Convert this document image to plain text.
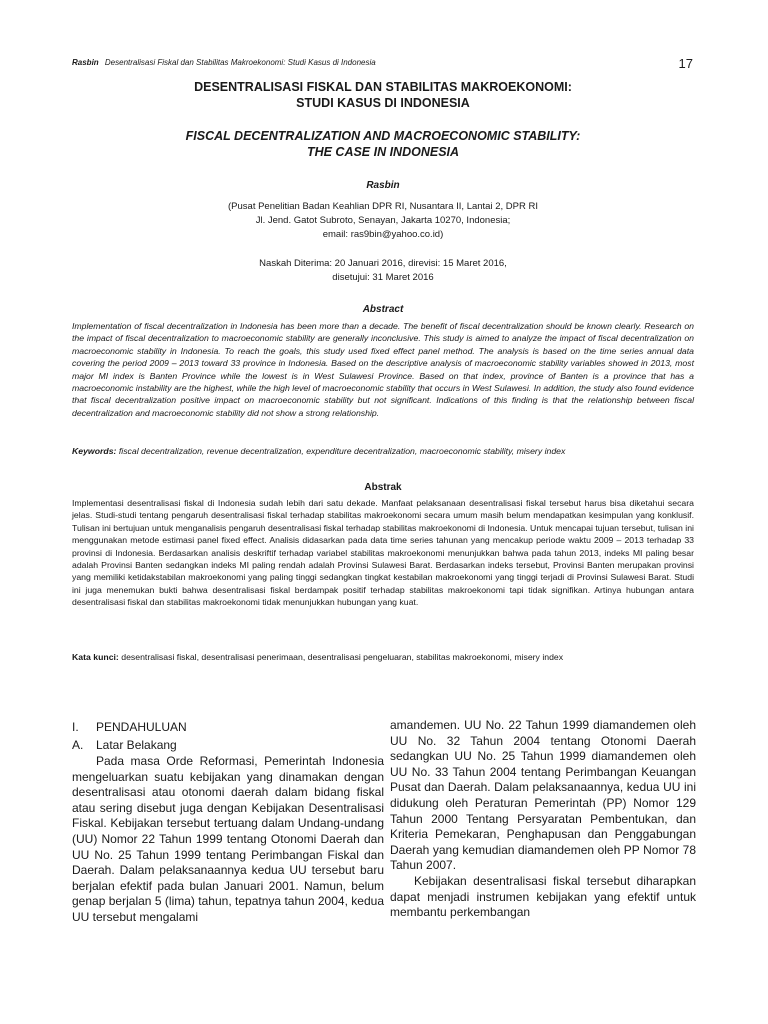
Rasbin Desentralisasi Fiskal dan Stabilitas Makroekonomi: Studi Kasus di Indonesia	17
DESENTRALISASI FISKAL DAN STABILITAS MAKROEKONOMI:
STUDI KASUS DI INDONESIA
FISCAL DECENTRALIZATION AND MACROECONOMIC STABILITY:
THE CASE IN INDONESIA
Rasbin
(Pusat Penelitian Badan Keahlian DPR RI, Nusantara II, Lantai 2, DPR RI
Jl. Jend. Gatot Subroto, Senayan, Jakarta 10270, Indonesia;
email: ras9bin@yahoo.co.id)
Naskah Diterima: 20 Januari 2016, direvisi: 15 Maret 2016,
disetujui: 31 Maret 2016
Abstract
Implementation of fiscal decentralization in Indonesia has been more than a decade. The benefit of fiscal decentralization should be known clearly. Research on the impact of fiscal decentralization to macroeconomic stability are generally inconclusive. This study is aimed to analyze the impact of fiscal decentralization on macroeconomic stability in Indonesia. To reach the goals, this study used fixed effect panel method. The analysis is based on the time series annual data covering the period 2009 – 2013 toward 33 province in Indonesia. Based on the descriptive analysis of macroeconomic stability variables showed in 2013, most major MI index is Banten Province while the lowest is in West Sulawesi Province. Based on that index, province of Banten is a province that has a macroeconomic instability are the highest, while the high level of macroeconomic stability that occurs in West Sulawesi. In addition, the study also found evidence that fiscal decentralization positive impact on macroeconomic stability but not significant. Indications of this finding is that the relationship between fiscal decentralization and macroeconomic stability did not show a strong relationship.
Keywords: fiscal decentralization, revenue decentralization, expenditure decentralization, macroeconomic stability, misery index
Abstrak
Implementasi desentralisasi fiskal di Indonesia sudah lebih dari satu dekade. Manfaat pelaksanaan desentralisasi fiskal tersebut harus bisa diketahui secara jelas. Studi-studi tentang pengaruh desentralisasi fiskal terhadap stabilitas makroekonomi secara umum masih belum mendapatkan kesimpulan yang konklusif. Tulisan ini bertujuan untuk menganalisis pengaruh desentralisasi fiskal terhadap stabilitas makroekonomi di Indonesia. Untuk mencapai tujuan tersebut, tulisan ini menggunakan metode estimasi panel fixed effect. Analisis didasarkan pada data time series tahunan yang mencakup periode waktu 2009 – 2013 terhadap 33 provinsi di Indonesia. Berdasarkan analisis deskriftif terhadap variabel stabilitas makroekonomi menunjukkan bahwa pada tahun 2013, indeks MI paling besar adalah Provinsi Banten sedangkan indeks MI paling rendah adalah Provinsi Sulawesi Barat. Berdasarkan indeks tersebut, Provinsi Banten merupakan provinsi yang memiliki ketidakstabilan makroekonomi yang paling tinggi sedangkan tingkat kestabilan makroekonomi yang tinggi terjadi di Provinsi Sulawesi Barat. Studi ini juga menemukan bukti bahwa desentralisasi fiskal berdampak positif terhadap stabilitas makroekonomi tapi tidak signifikan. Artinya hubungan antara desentralisasi fiskal dan stabilitas makroekonomi tidak menunjukkan hubungan yang kuat.
Kata kunci: desentralisasi fiskal, desentralisasi penerimaan, desentralisasi pengeluaran, stabilitas makroekonomi, misery index
I.	PENDAHULUAN
A.	Latar Belakang

Pada masa Orde Reformasi, Pemerintah Indonesia mengeluarkan suatu kebijakan yang dinamakan dengan desentralisasi atau otonomi daerah dalam bidang fiskal atau sering disebut juga dengan Kebijakan Desentralisasi Fiskal. Kebijakan tersebut tertuang dalam Undang-undang (UU) Nomor 22 Tahun 1999 tentang Otonomi Daerah dan UU No. 25 Tahun 1999 tentang Perimbangan Fiskal dan Daerah. Dalam pelaksanaannya kedua UU tersebut baru berjalan efektif pada bulan Januari 2001. Namun, belum genap berjalan 5 (lima) tahun, tepatnya tahun 2004, kedua UU tersebut mengalami

amandemen. UU No. 22 Tahun 1999 diamandemen oleh UU No. 32 Tahun 2004 tentang Otonomi Daerah sedangkan UU No. 25 Tahun 1999 diamandemen oleh UU No. 33 Tahun 2004 tentang Perimbangan Keuangan Pusat dan Daerah. Dalam pelaksanaannya, kedua UU ini didukung oleh Peraturan Pemerintah (PP) Nomor 129 Tahun 2000 Tentang Persyaratan Pembentukan, dan Kriteria Pemekaran, Penghapusan dan Penggabungan Daerah yang kemudian diamandemen oleh PP Nomor 78 Tahun 2007.

Kebijakan desentralisasi fiskal tersebut diharapkan dapat menjadi instrumen kebijakan yang efektif untuk membantu perkembangan
